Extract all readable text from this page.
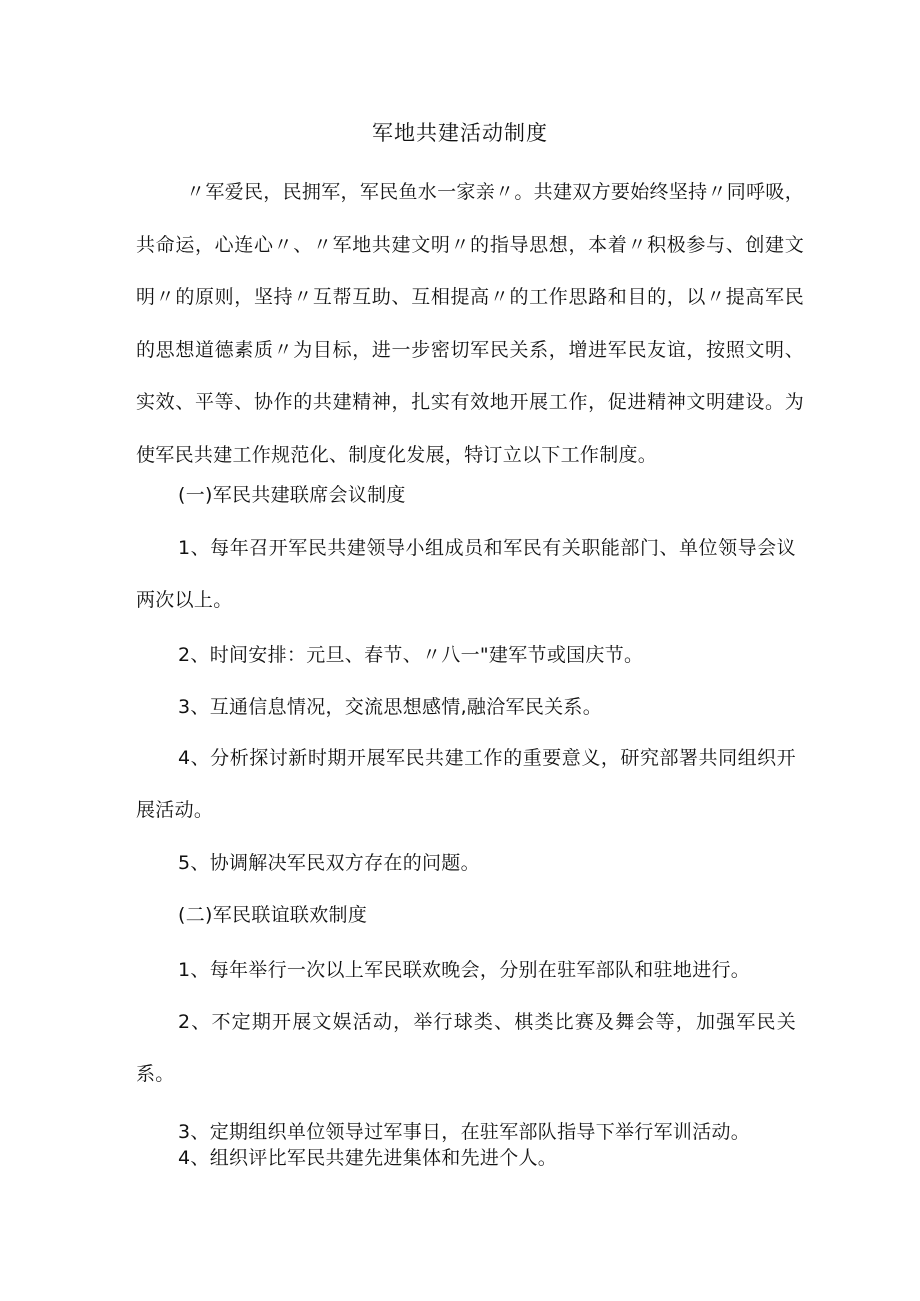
军地共建活动制度

〃军爱民，民拥军，军民鱼水一家亲〃。共建双方要始终坚持〃同呼吸，共命运，心连心〃、〃军地共建文明〃的指导思想，本着〃积极参与、创建文明〃的原则，坚持〃互帮互助、互相提高〃的工作思路和目的，以〃提高军民的思想道德素质〃为目标，进一步密切军民关系，增进军民友谊，按照文明、实效、平等、协作的共建精神，扎实有效地开展工作，促进精神文明建设。为使军民共建工作规范化、制度化发展，特订立以下工作制度。

(一)军民共建联席会议制度

1、每年召开军民共建领导小组成员和军民有关职能部门、单位领导会议两次以上。

2、时间安排：元旦、春节、〃八一"建军节或国庆节。
3、互通信息情况，交流思想感情,融洽军民关系。

4、分析探讨新时期开展军民共建工作的重要意义，研究部署共同组织开展活动。

5、协调解决军民双方存在的问题。
(二)军民联谊联欢制度
1、每年举行一次以上军民联欢晚会，分别在驻军部队和驻地进行。

2、不定期开展文娱活动，举行球类、棋类比赛及舞会等，加强军民关系。

3、定期组织单位领导过军事日，在驻军部队指导下举行军训活动。
4、组织评比军民共建先进集体和先进个人。
